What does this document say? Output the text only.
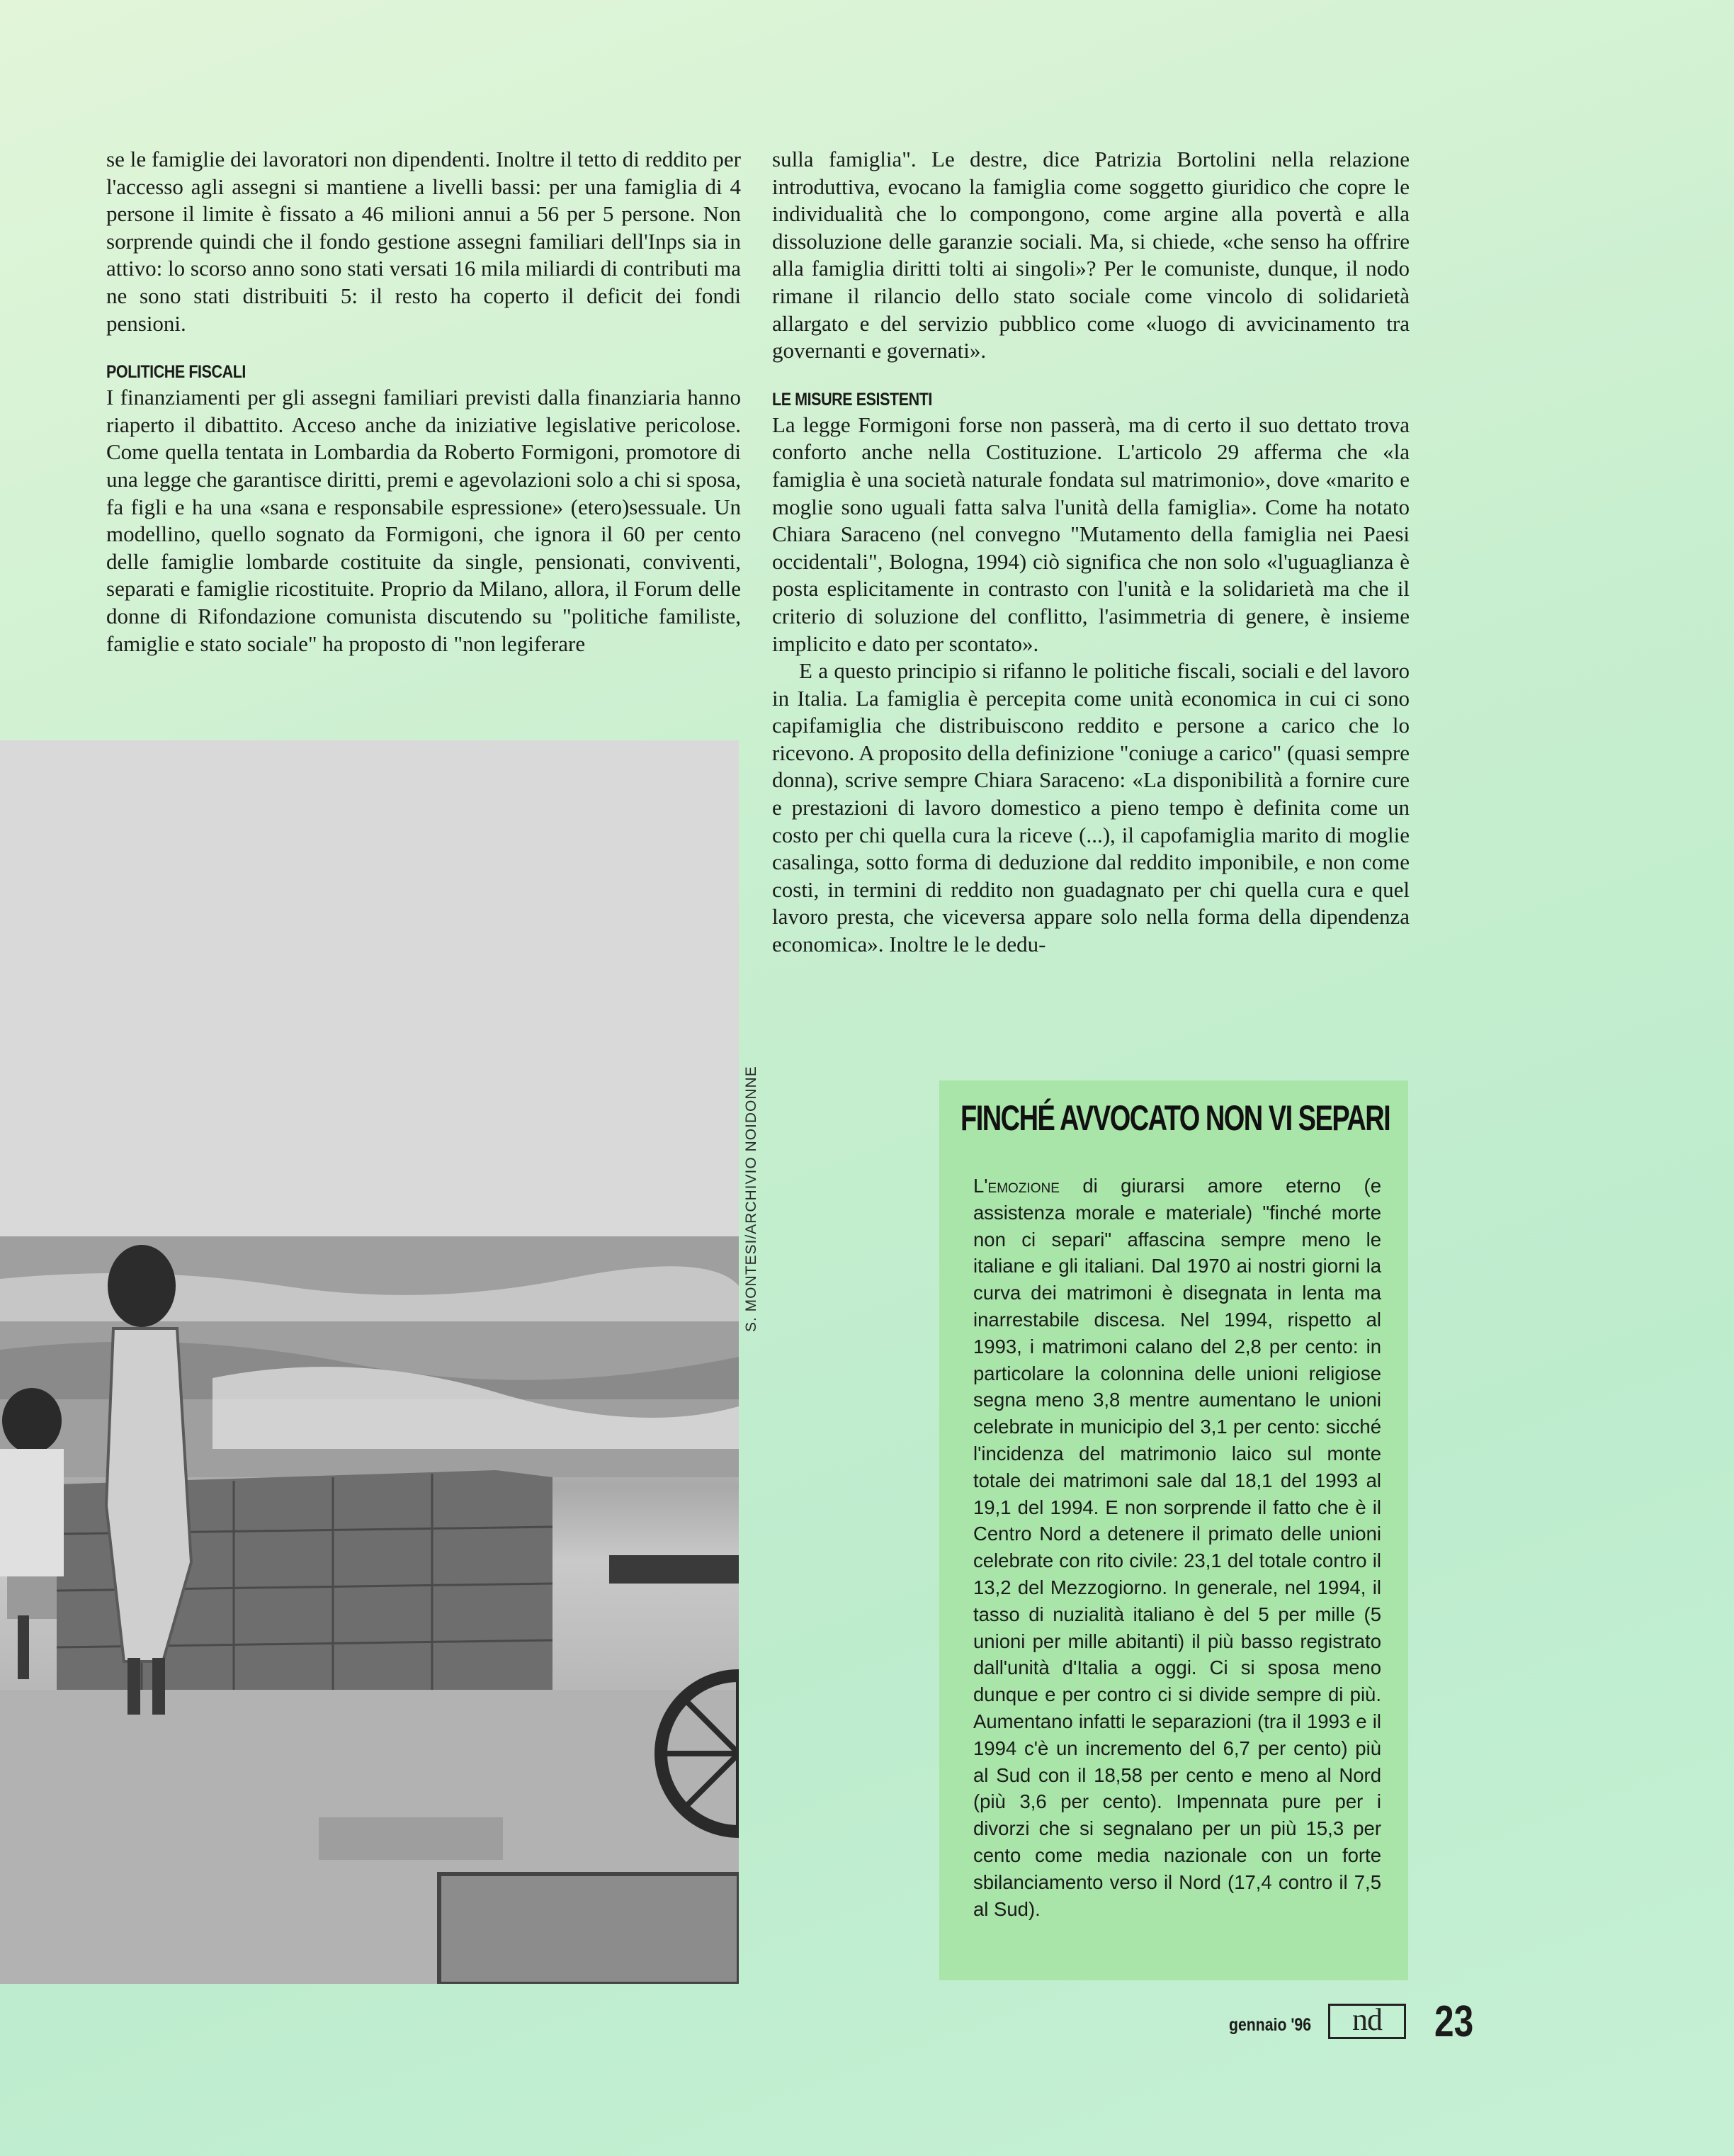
se le famiglie dei lavoratori non dipendenti. Inoltre il tetto di reddito per l'accesso agli assegni si mantiene a livelli bassi: per una famiglia di 4 persone il limite è fissato a 46 milioni annui a 56 per 5 persone. Non sorprende quindi che il fondo gestione assegni familiari dell'Inps sia in attivo: lo scorso anno sono stati versati 16 mila miliardi di contributi ma ne sono stati distribuiti 5: il resto ha coperto il deficit dei fondi pensioni.

POLITICHE FISCALI

I finanziamenti per gli assegni familiari previsti dalla finanziaria hanno riaperto il dibattito. Acceso anche da iniziative legislative pericolose. Come quella tentata in Lombardia da Roberto Formigoni, promotore di una legge che garantisce diritti, premi e agevolazioni solo a chi si sposa, fa figli e ha una «sana e responsabile espressione» (etero)sessuale. Un modellino, quello sognato da Formigoni, che ignora il 60 per cento delle famiglie lombarde costituite da single, pensionati, conviventi, separati e famiglie ricostituite. Proprio da Milano, allora, il Forum delle donne di Rifondazione comunista discutendo su "politiche familiste, famiglie e stato sociale" ha proposto di "non legiferare

sulla famiglia". Le destre, dice Patrizia Bortolini nella relazione introduttiva, evocano la famiglia come soggetto giuridico che copre le individualità che lo compongono, come argine alla povertà e alla dissoluzione delle garanzie sociali. Ma, si chiede, «che senso ha offrire alla famiglia diritti tolti ai singoli»? Per le comuniste, dunque, il nodo rimane il rilancio dello stato sociale come vincolo di solidarietà allargato e del servizio pubblico come «luogo di avvicinamento tra governanti e governati».

LE MISURE ESISTENTI

La legge Formigoni forse non passerà, ma di certo il suo dettato trova conforto anche nella Costituzione. L'articolo 29 afferma che «la famiglia è una società naturale fondata sul matrimonio», dove «marito e moglie sono uguali fatta salva l'unità della famiglia». Come ha notato Chiara Saraceno (nel convegno "Mutamento della famiglia nei Paesi occidentali", Bologna, 1994) ciò significa che non solo «l'uguaglianza è posta esplicitamente in contrasto con l'unità e la solidarietà ma che il criterio di soluzione del conflitto, l'asimmetria di genere, è insieme implicito e dato per scontato».

E a questo principio si rifanno le politiche fiscali, sociali e del lavoro in Italia. La famiglia è percepita come unità economica in cui ci sono capifamiglia che distribuiscono reddito e persone a carico che lo ricevono. A proposito della definizione "coniuge a carico" (quasi sempre donna), scrive sempre Chiara Saraceno: «La disponibilità a fornire cure e prestazioni di lavoro domestico a pieno tempo è definita come un costo per chi quella cura la riceve (...), il capofamiglia marito di moglie casalinga, sotto forma di deduzione dal reddito imponibile, e non come costi, in termini di reddito non guadagnato per chi quella cura e quel lavoro presta, che viceversa appare solo nella forma della dipendenza economica». Inoltre le le dedu-

S. MONTESI/ARCHIVIO NOIDONNE	FINCHÉ AVVOCATO NON VI SEPARI
L'emozione di giurarsi amore eterno (e assistenza morale e materiale) "finché morte non ci separi" affascina sempre meno le italiane e gli italiani. Dal 1970 ai nostri giorni la curva dei matrimoni è disegnata in lenta ma inarrestabile discesa. Nel 1994, rispetto al 1993, i matrimoni calano del 2,8 per cento: in particolare la colonnina delle unioni religiose segna meno 3,8 mentre aumentano le unioni celebrate in municipio del 3,1 per cento: sicché l'incidenza del matrimonio laico sul monte totale dei matrimoni sale dal 18,1 del 1993 al 19,1 del 1994. E non sorprende il fatto che è il Centro Nord a detenere il primato delle unioni celebrate con rito civile: 23,1 del totale contro il 13,2 del Mezzogiorno. In generale, nel 1994, il tasso di nuzialità italiano è del 5 per mille (5 unioni per mille abitanti) il più basso registrato dall'unità d'Italia a oggi. Ci si sposa meno dunque e per contro ci si divide sempre di più. Aumentano infatti le separazioni (tra il 1993 e il 1994 c'è un incremento del 6,7 per cento) più al Sud con il 18,58 per cento e meno al Nord (più 3,6 per cento). Impennata pure per i divorzi che si segnalano per un più 15,3 per cento come media nazionale con un forte sbilanciamento verso il Nord (17,4 contro il 7,5 al Sud).
gennaio '96	nd	23
